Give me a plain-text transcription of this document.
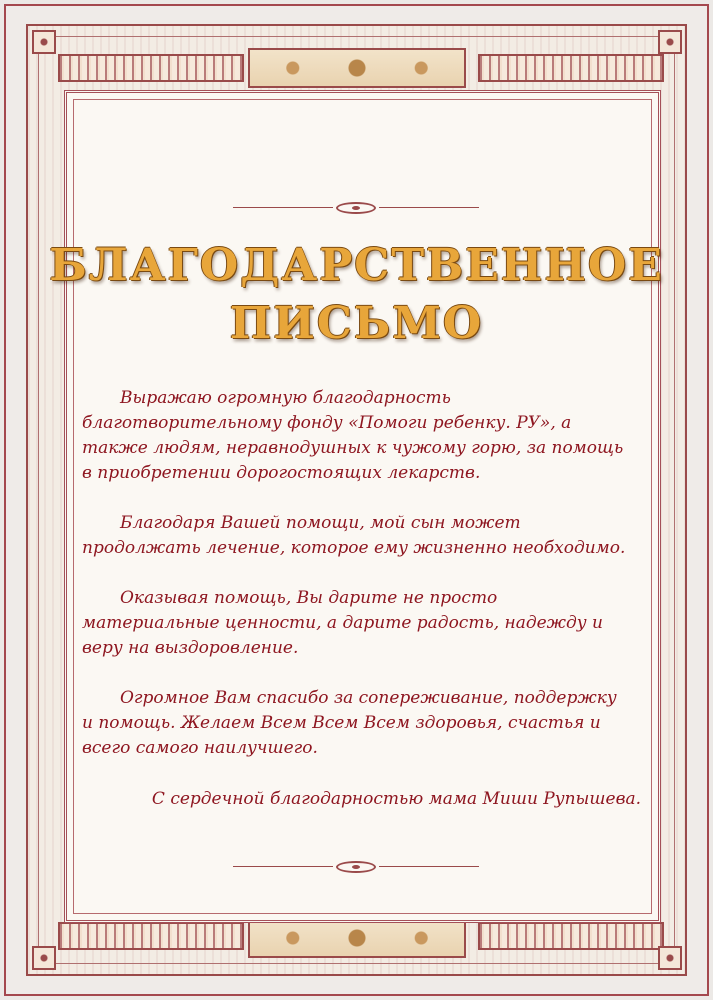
БЛАГОДАРСТВЕННОЕ
ПИСЬМО

Выражаю огромную благодарность благотворительному фонду «Помоги ребенку. РУ», а также людям, неравнодушных к чужому горю, за помощь в приобретении дорогостоящих лекарств.

Благодаря Вашей помощи, мой сын может продолжать лечение, которое ему жизненно необходимо.

Оказывая помощь, Вы дарите не просто материальные ценности, а дарите радость, надежду и веру на выздоровление.

Огромное Вам спасибо за сопереживание, поддержку и помощь. Желаем Всем Всем Всем здоровья, счастья и всего самого наилучшего.

С сердечной благодарностью мама Миши Рупышева.
